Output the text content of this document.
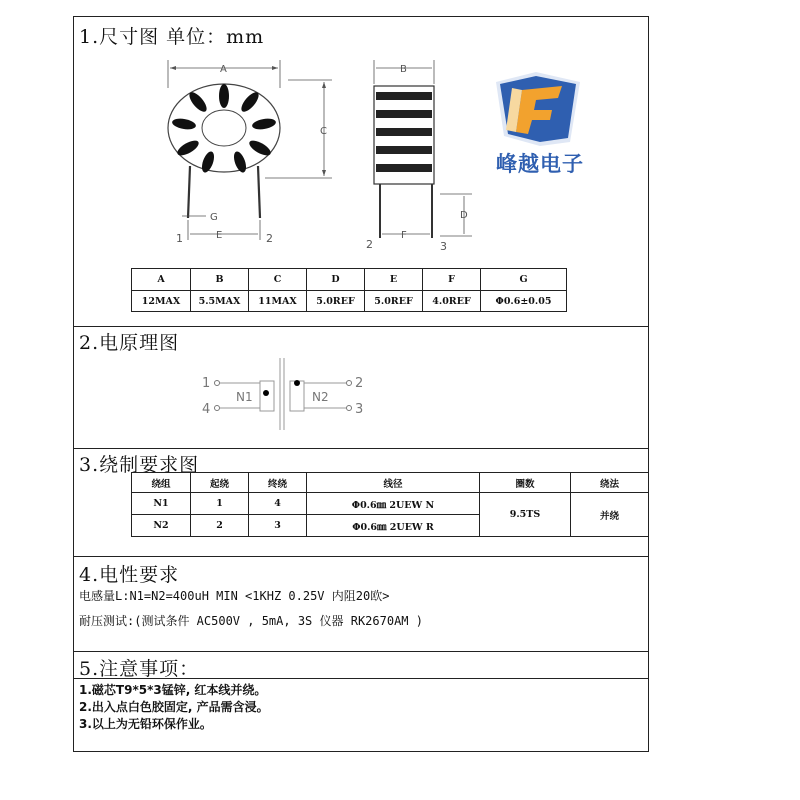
1.尺寸图 单位：mm
A
C
G
E
1	2
B
D
F
2	3
峰越电子
A	B	C	D	E	F	G
12MAX	5.5MAX	11MAX	5.0REF	5.0REF	4.0REF	Φ0.6±0.05
2.电原理图
1
4
N1	N2
2
3
3.绕制要求图
绕组	起绕	终绕	线径	圈数	绕法
N1	1	4	Φ0.6㎜ 2UEW N	9.5TS	并绕
N2	2	3	Φ0.6㎜ 2UEW R		
4.电性要求
电感量L:N1=N2=400uH MIN <1KHZ 0.25V 内阻20欧>
耐压测试:(测试条件 AC500V , 5mA, 3S 仪器 RK2670AM )
5.注意事项：
1.磁芯T9*5*3锰锌, 红本线并绕。
2.出入点白色胶固定, 产品需含浸。
3.以上为无铅环保作业。
